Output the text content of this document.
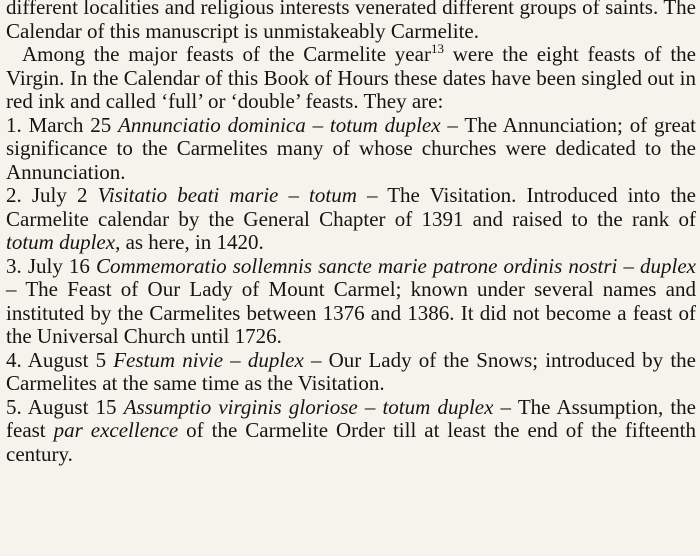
different localities and religious interests venerated different groups of saints. The Calendar of this manuscript is unmistakeably Carmelite.

Among the major feasts of the Carmelite year$^{13}$ were the eight feasts of the Virgin. In the Calendar of this Book of Hours these dates have been singled out in red ink and called ‘full’ or ‘double’ feasts. They are:

1. March 25 Annunciatio dominica – totum duplex – The Annunciation; of great significance to the Carmelites many of whose churches were dedicated to the Annunciation.

2. July 2 Visitatio beati marie – totum – The Visitation. Introduced into the Carmelite calendar by the General Chapter of 1391 and raised to the rank of totum duplex, as here, in 1420.

3. July 16 Commemoratio sollemnis sancte marie patrone ordinis nostri – duplex – The Feast of Our Lady of Mount Carmel; known under several names and instituted by the Carmelites between 1376 and 1386. It did not become a feast of the Universal Church until 1726.

4. August 5 Festum nivie – duplex – Our Lady of the Snows; introduced by the Carmelites at the same time as the Visitation.

5. August 15 Assumptio virginis gloriose – totum duplex – The Assumption, the feast par excellence of the Carmelite Order till at least the end of the fifteenth century.
